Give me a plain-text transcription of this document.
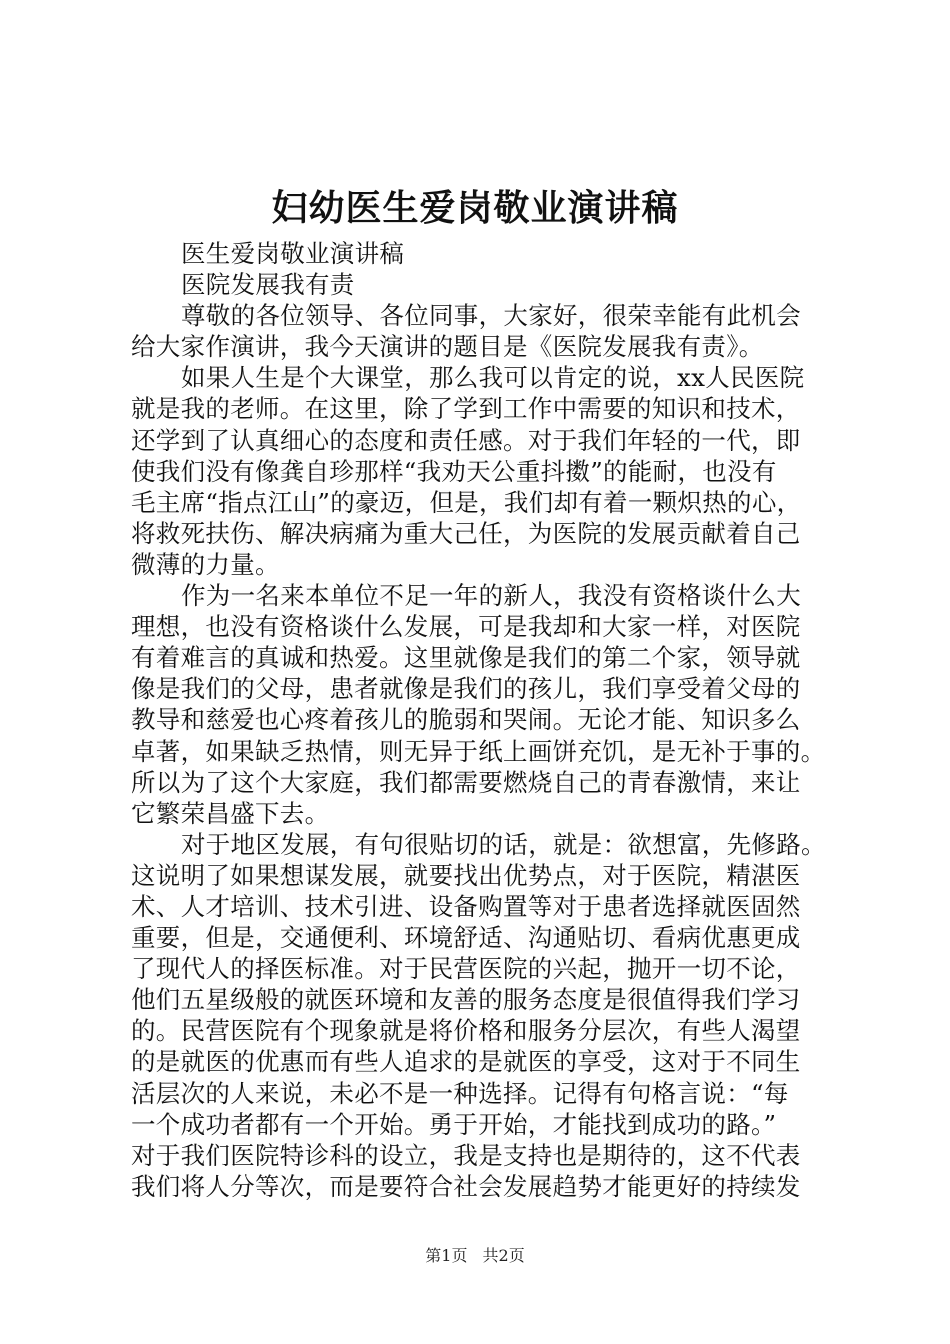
妇幼医生爱岗敬业演讲稿
医生爱岗敬业演讲稿
医院发展我有责
尊敬的各位领导、各位同事，大家好，很荣幸能有此机会
给大家作演讲，我今天演讲的题目是《医院发展我有责》。
如果人生是个大课堂，那么我可以肯定的说，xx人民医院
就是我的老师。在这里，除了学到工作中需要的知识和技术，
还学到了认真细心的态度和责任感。对于我们年轻的一代，即
使我们没有像龚自珍那样“我劝天公重抖擞”的能耐，也没有
毛主席“指点江山”的豪迈，但是，我们却有着一颗炽热的心，
将救死扶伤、解决病痛为重大己任，为医院的发展贡献着自己
微薄的力量。
作为一名来本单位不足一年的新人，我没有资格谈什么大
理想，也没有资格谈什么发展，可是我却和大家一样，对医院
有着难言的真诚和热爱。这里就像是我们的第二个家，领导就
像是我们的父母，患者就像是我们的孩儿，我们享受着父母的
教导和慈爱也心疼着孩儿的脆弱和哭闹。无论才能、知识多么
卓著，如果缺乏热情，则无异于纸上画饼充饥，是无补于事的。
所以为了这个大家庭，我们都需要燃烧自己的青春激情，来让
它繁荣昌盛下去。
对于地区发展，有句很贴切的话，就是：欲想富，先修路。
这说明了如果想谋发展，就要找出优势点，对于医院，精湛医
术、人才培训、技术引进、设备购置等对于患者选择就医固然
重要，但是，交通便利、环境舒适、沟通贴切、看病优惠更成
了现代人的择医标准。对于民营医院的兴起，抛开一切不论，
他们五星级般的就医环境和友善的服务态度是很值得我们学习
的。民营医院有个现象就是将价格和服务分层次，有些人渴望
的是就医的优惠而有些人追求的是就医的享受，这对于不同生
活层次的人来说，未必不是一种选择。记得有句格言说：“每
一个成功者都有一个开始。勇于开始，才能找到成功的路。”
对于我们医院特诊科的设立，我是支持也是期待的，这不代表
我们将人分等次，而是要符合社会发展趋势才能更好的持续发
第1页 共2页
